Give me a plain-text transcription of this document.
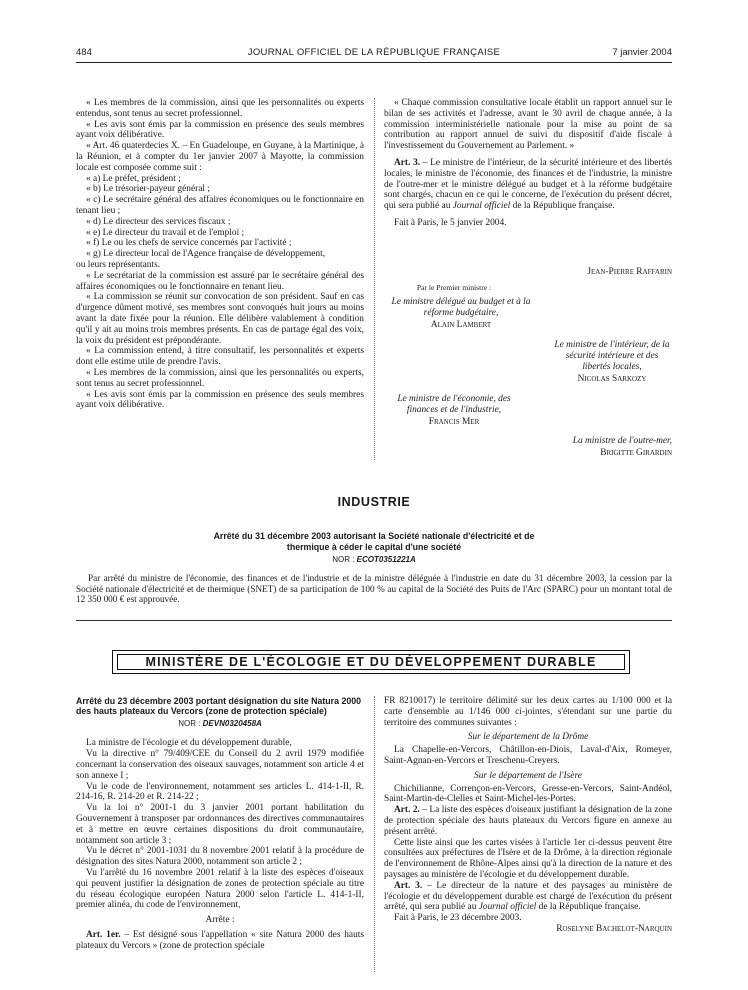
484	JOURNAL OFFICIEL DE LA RÉPUBLIQUE FRANÇAISE	7 janvier 2004

« Les membres de la commission, ainsi que les personnalités ou experts entendus, sont tenus au secret professionnel.

« Les avis sont émis par la commission en présence des seuls membres ayant voix délibérative.

« Art. 46 quaterdecies X. – En Guadeloupe, en Guyane, à la Martinique, à la Réunion, et à compter du 1er janvier 2007 à Mayotte, la commission locale est composée comme suit :

« a) Le préfet, président ;

« b) Le trésorier-payeur général ;

« c) Le secrétaire général des affaires économiques ou le fonctionnaire en tenant lieu ;

« d) Le directeur des services fiscaux ;

« e) Le directeur du travail et de l'emploi ;

« f) Le ou les chefs de service concernés par l'activité ;

« g) Le directeur local de l'Agence française de développement,

ou leurs représentants.

« Le secrétariat de la commission est assuré par le secrétaire général des affaires économiques ou le fonctionnaire en tenant lieu.

« La commission se réunit sur convocation de son président. Sauf en cas d'urgence dûment motivé, ses membres sont convoqués huit jours au moins avant la date fixée pour la réunion. Elle délibère valablement à condition qu'il y ait au moins trois membres présents. En cas de partage égal des voix, la voix du président est prépondérante.

« La commission entend, à titre consultatif, les personnalités et experts dont elle estime utile de prendre l'avis.

« Les membres de la commission, ainsi que les personnalités ou experts, sont tenus au secret professionnel.

« Les avis sont émis par la commission en présence des seuls membres ayant voix délibérative.

« Chaque commission consultative locale établit un rapport annuel sur le bilan de ses activités et l'adresse, avant le 30 avril de chaque année, à la commission interministérielle nationale pour la mise au point de sa contribution au rapport annuel de suivi du dispositif d'aide fiscale à l'investissement du Gouvernement au Parlement. »

Art. 3. – Le ministre de l'intérieur, de la sécurité intérieure et des libertés locales, le ministre de l'économie, des finances et de l'industrie, la ministre de l'outre-mer et le ministre délégué au budget et à la réforme budgétaire sont chargés, chacun en ce qui le concerne, de l'exécution du présent décret, qui sera publié au Journal officiel de la République française.

Fait à Paris, le 5 janvier 2004.

Jean-Pierre Raffarin
Par le Premier ministre :
Le ministre délégué au budget et à la réforme budgétaire,
Alain Lambert
Le ministre de l'intérieur, de la sécurité intérieure et des libertés locales,
Nicolas Sarkozy
Le ministre de l'économie, des finances et de l'industrie,
Francis Mer
La ministre de l'outre-mer,
Brigitte Girardin
INDUSTRIE
Arrêté du 31 décembre 2003 autorisant la Société nationale d'électricité et de thermique à céder le capital d'une société
NOR : ECOT0351221A
Par arrêté du ministre de l'économie, des finances et de l'industrie et de la ministre déléguée à l'industrie en date du 31 décembre 2003, la cession par la Société nationale d'électricité et de thermique (SNET) de sa participation de 100 % au capital de la Société des Puits de l'Arc (SPARC) pour un montant total de 12 350 000 € est approuvée.
MINISTÈRE DE L'ÉCOLOGIE ET DU DÉVELOPPEMENT DURABLE
Arrêté du 23 décembre 2003 portant désignation du site Natura 2000 des hauts plateaux du Vercors (zone de protection spéciale)
NOR : DEVN0320458A

La ministre de l'écologie et du développement durable,

Vu la directive n° 79/409/CEE du Conseil du 2 avril 1979 modifiée concernant la conservation des oiseaux sauvages, notamment son article 4 et son annexe I ;

Vu le code de l'environnement, notamment ses articles L. 414-1-II, R. 214-16, R. 214-20 et R. 214-22 ;

Vu la loi n° 2001-1 du 3 janvier 2001 portant habilitation du Gouvernement à transposer par ordonnances des directives communautaires et à mettre en œuvre certaines dispositions du droit communautaire, notamment son article 3 ;

Vu le décret n° 2001-1031 du 8 novembre 2001 relatif à la procédure de désignation des sites Natura 2000, notamment son article 2 ;

Vu l'arrêté du 16 novembre 2001 relatif à la liste des espèces d'oiseaux qui peuvent justifier la désignation de zones de protection spéciale au titre du réseau écologique européen Natura 2000 selon l'article L. 414-1-II, premier alinéa, du code de l'environnement,

Arrête :

Art. 1er. – Est désigné sous l'appellation « site Natura 2000 des hauts plateaux du Vercors » (zone de protection spéciale

FR 8210017) le territoire délimité sur les deux cartes au 1/100 000 et la carte d'ensemble au 1/146 000 ci-jointes, s'étendant sur une partie du territoire des communes suivantes :

Sur le département de la Drôme

La Chapelle-en-Vercors, Châtillon-en-Diois, Laval-d'Aix, Romeyer, Saint-Agnan-en-Vercors et Treschenu-Creyers.

Sur le département de l'Isère

Chichilianne, Corrençon-en-Vercors, Gresse-en-Vercors, Saint-Andéol, Saint-Martin-de-Clelles et Saint-Michel-les-Portes.

Art. 2. – La liste des espèces d'oiseaux justifiant la désignation de la zone de protection spéciale des hauts plateaux du Vercors figure en annexe au présent arrêté.

Cette liste ainsi que les cartes visées à l'article 1er ci-dessus peuvent être consultées aux préfectures de l'Isère et de la Drôme, à la direction régionale de l'environnement de Rhône-Alpes ainsi qu'à la direction de la nature et des paysages au ministère de l'écologie et du développement durable.

Art. 3. – Le directeur de la nature et des paysages au ministère de l'écologie et du développement durable est chargé de l'exécution du présent arrêté, qui sera publié au Journal officiel de la République française.

Fait à Paris, le 23 décembre 2003.

Roselyne Bachelot-Narquin
